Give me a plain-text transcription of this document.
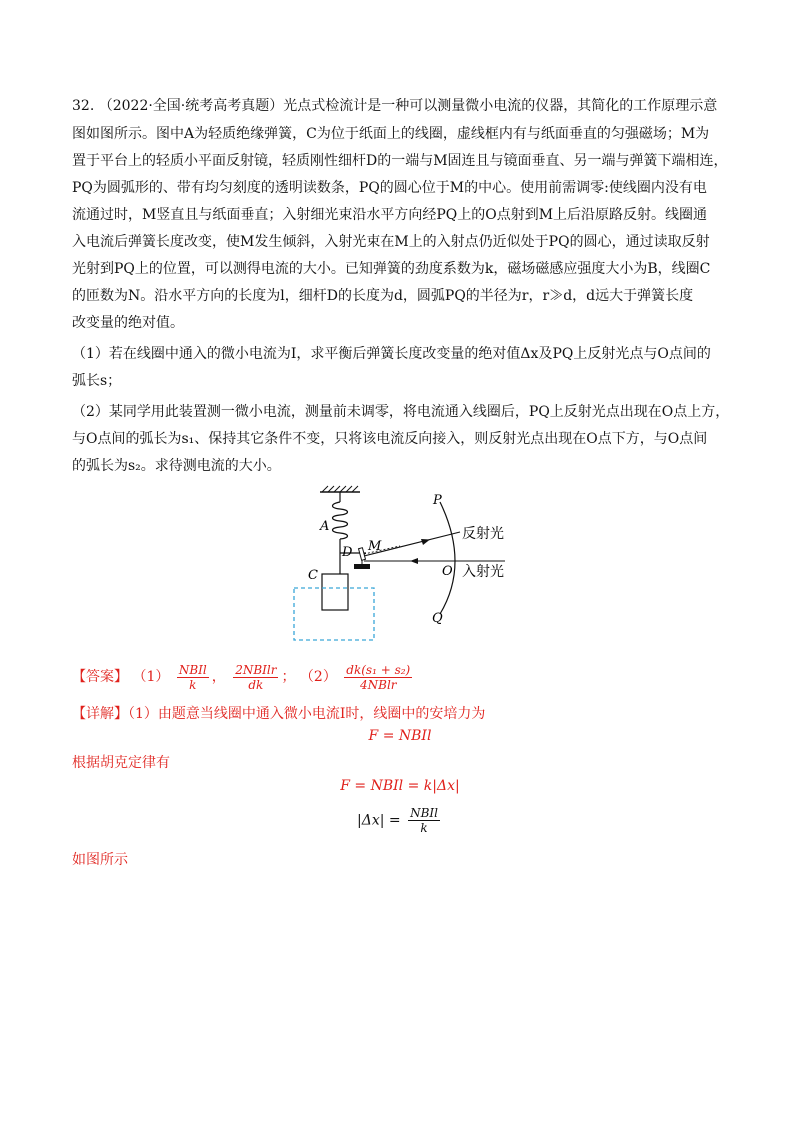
32. （2022·全国·统考高考真题）光点式检流计是一种可以测量微小电流的仪器，其简化的工作原理示意
图如图所示。图中A为轻质绝缘弹簧，C为位于纸面上的线圈，虚线框内有与纸面垂直的匀强磁场；M为
置于平台上的轻质小平面反射镜，轻质刚性细杆D的一端与M固连且与镜面垂直、另一端与弹簧下端相连，
PQ为圆弧形的、带有均匀刻度的透明读数条，PQ的圆心位于M的中心。使用前需调零:使线圈内没有电
流通过时，M竖直且与纸面垂直；入射细光束沿水平方向经PQ上的O点射到M上后沿原路反射。线圈通
入电流后弹簧长度改变，使M发生倾斜，入射光束在M上的入射点仍近似处于PQ的圆心，通过读取反射
光射到PQ上的位置，可以测得电流的大小。已知弹簧的劲度系数为k，磁场磁感应强度大小为B，线圈C
的匝数为N。沿水平方向的长度为l，细杆D的长度为d，圆弧PQ的半径为r，r≫d，d远大于弹簧长度
改变量的绝对值。
（1）若在线圈中通入的微小电流为I，求平衡后弹簧长度改变量的绝对值Δx及PQ上反射光点与O点间的
弧长s；
（2）某同学用此装置测一微小电流，测量前未调零，将电流通入线圈后，PQ上反射光点出现在O点上方，
与O点间的弧长为s₁、保持其它条件不变，只将该电流反向接入，则反射光点出现在O点下方，与O点间
的弧长为s₂。求待测电流的大小。
A
C
D M
P
O
Q
反射光
入射光
【答案】 $(1) \frac{\text{NBIl}}{k}$ ， $\frac{\text{2NBIlr}}{dk}$ ； $(2) \frac{\text{dk(s₁ + s₂)}}{\text{4NBlr}}$
【详解】（1）由题意当线圈中通入微小电流I时，线圈中的安培力为
F = NBIl
根据胡克定律有
F = NBIl = k|Δx|
$|\Delta x| = \frac{\text{NBIl}}{k}$
如图所示
